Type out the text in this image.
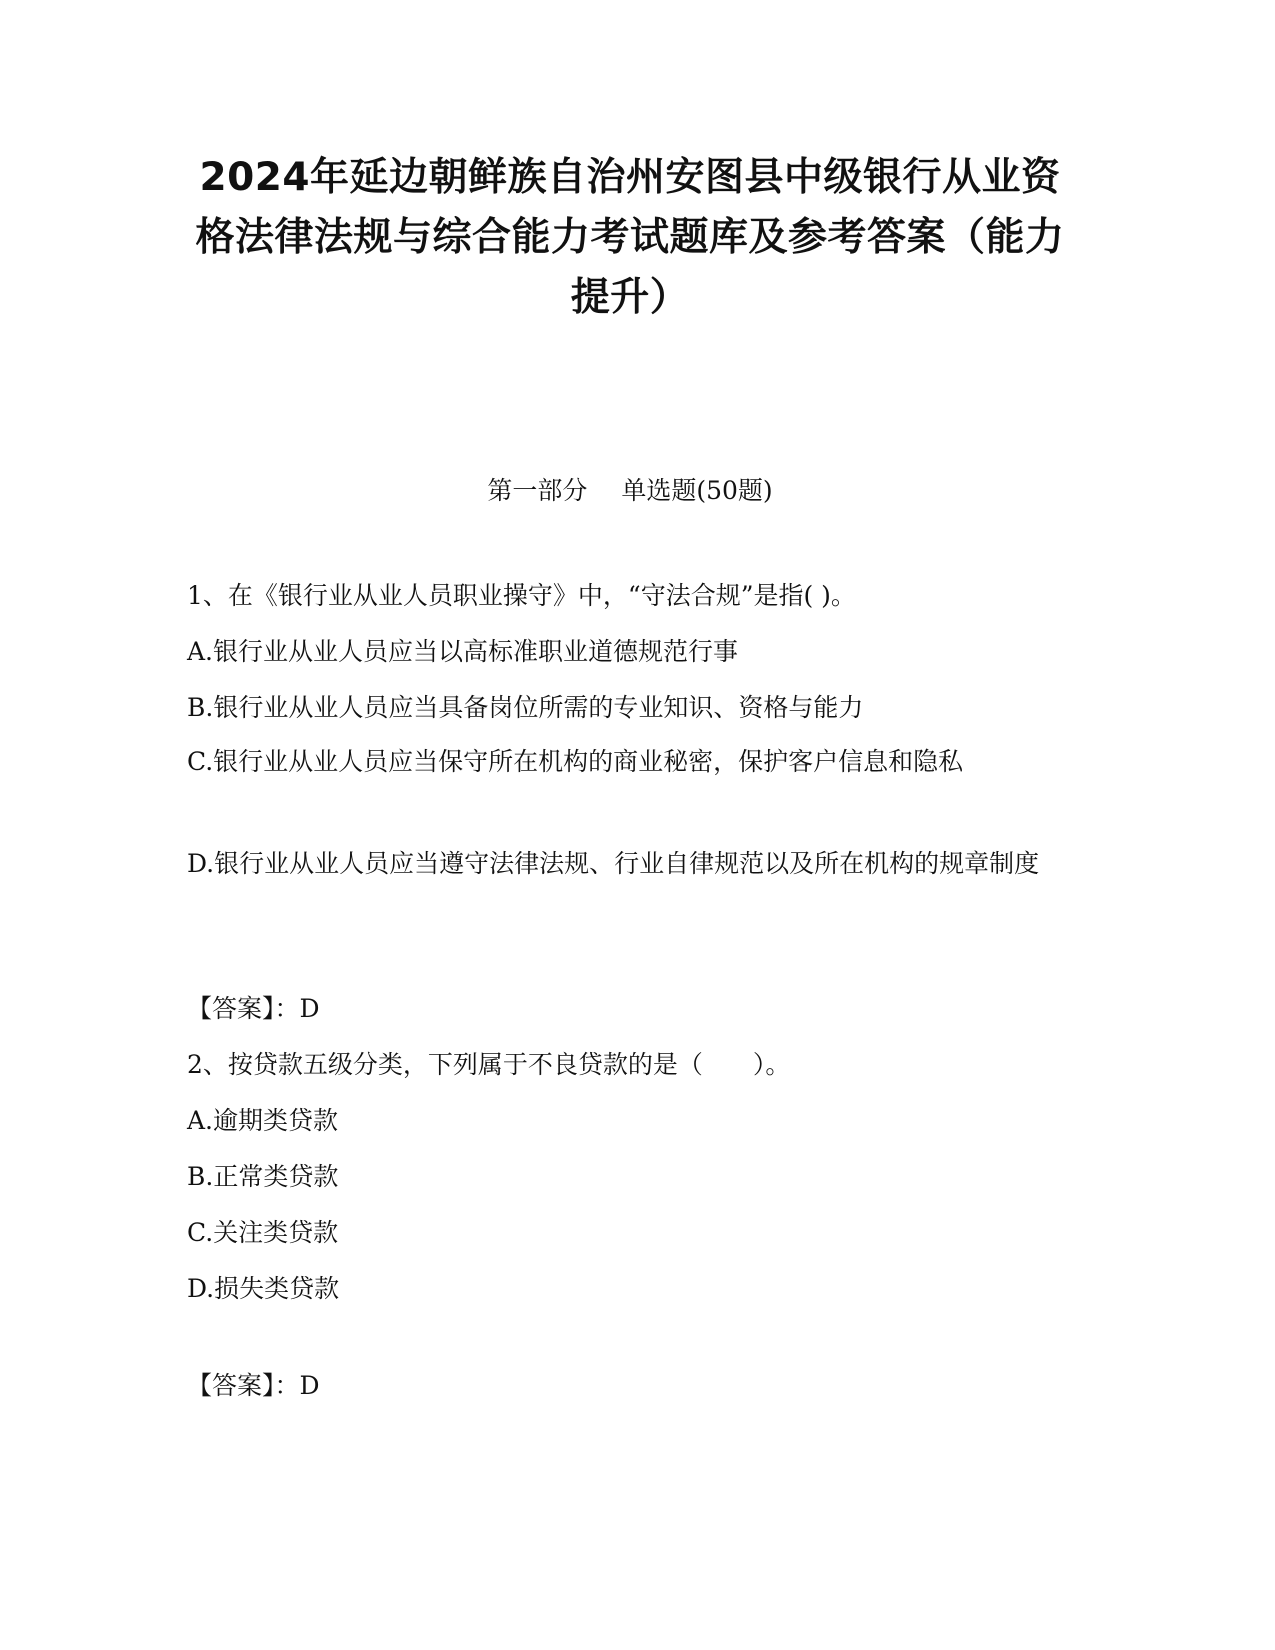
2024年延边朝鲜族自治州安图县中级银行从业资格法律法规与综合能力考试题库及参考答案（能力提升）
第一部分 单选题(50题)
1、在《银行业从业人员职业操守》中，“守法合规”是指( )。
A.银行业从业人员应当以高标准职业道德规范行事
B.银行业从业人员应当具备岗位所需的专业知识、资格与能力
C.银行业从业人员应当保守所在机构的商业秘密，保护客户信息和隐私
D.银行业从业人员应当遵守法律法规、行业自律规范以及所在机构的规章制度
【答案】：D
2、按贷款五级分类，下列属于不良贷款的是（　　）。
A.逾期类贷款
B.正常类贷款
C.关注类贷款
D.损失类贷款
【答案】：D
